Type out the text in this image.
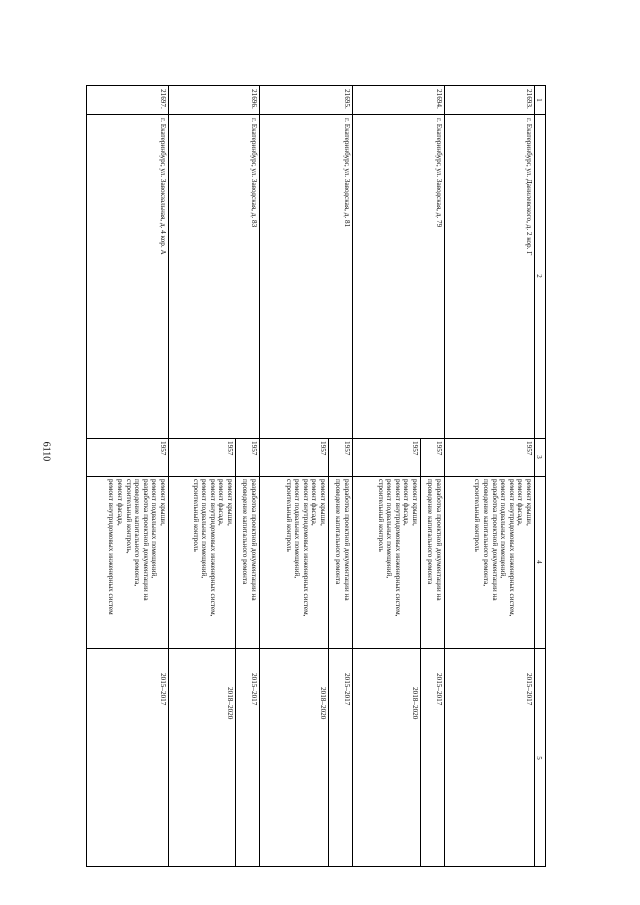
6110
1
2
3
4
5
21693.
г. Екатеринбург, ул. Данилевского, д. 2 кор. Г
1957
ремонт крыши,
ремонт фасада,
ремонт внутридомовых инженерных систем,
ремонт подвальных помещений,
разработка проектной документации на
проведение капитального ремонта,
строительный контроль
2015–2017
21694.
г. Екатеринбург, ул. Заводская, д. 79
1957
разработка проектной документации на
проведение капитального ремонта
2015–2017
1957
ремонт крыши,
ремонт фасада,
ремонт внутридомовых инженерных систем,
ремонт подвальных помещений,
строительный контроль
2018–2020
21695.
г. Екатеринбург, ул. Заводская, д. 81
1957
разработка проектной документации на
проведение капитального ремонта
2015–2017
1957
ремонт крыши,
ремонт фасада,
ремонт внутридомовых инженерных систем,
ремонт подвальных помещений,
строительный контроль
2018–2020
21696.
г. Екатеринбург, ул. Заводская, д. 83
1957
разработка проектной документации на
проведение капитального ремонта
2015–2017
1957
ремонт крыши,
ремонт фасада,
ремонт внутридомовых инженерных систем,
ремонт подвальных помещений,
строительный контроль
2018–2020
21697.
г. Екатеринбург, ул. Завокзальная, д. 4 кор. А
1957
ремонт крыши,
ремонт подвальных помещений,
разработка проектной документации на
проведение капитального ремонта,
строительный контроль,
ремонт фасада,
ремонт внутридомовых инженерных систем
2015–2017
